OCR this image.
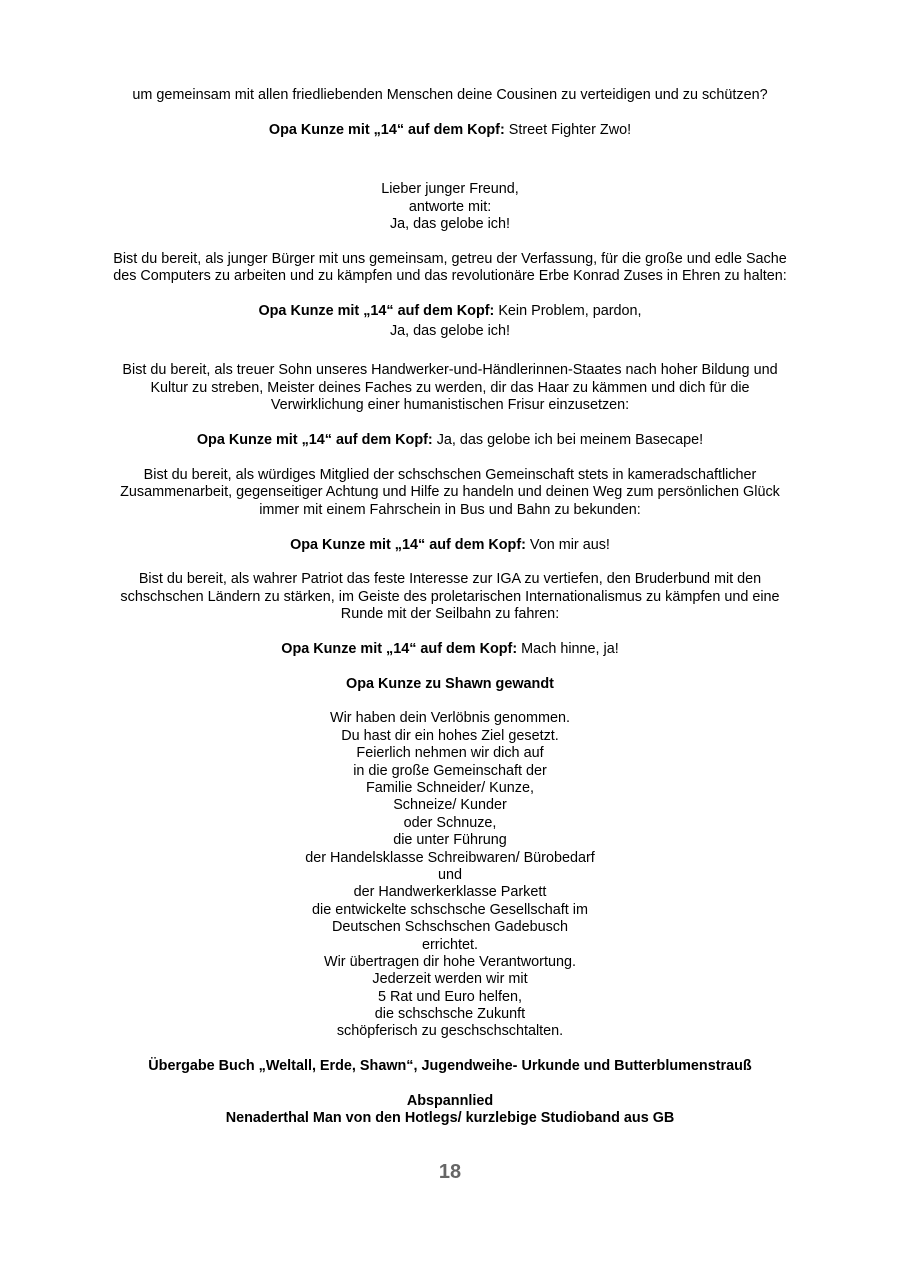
um gemeinsam mit allen friedliebenden Menschen deine Cousinen zu verteidigen und zu schützen?
Opa Kunze mit „14“ auf dem Kopf: Street Fighter Zwo!
Lieber junger Freund,
antworte mit:
Ja, das gelobe ich!
Bist du bereit, als junger Bürger mit uns gemeinsam, getreu der Verfassung, für die große und edle Sache
des Computers zu arbeiten und zu kämpfen und das revolutionäre Erbe Konrad Zuses in Ehren zu halten:
Opa Kunze mit „14“ auf dem Kopf: Kein Problem, pardon,
Ja, das gelobe ich!
Bist du bereit, als treuer Sohn unseres Handwerker-und-Händlerinnen-Staates nach hoher Bildung und
Kultur zu streben, Meister deines Faches zu werden, dir das Haar zu kämmen und dich für die
Verwirklichung einer humanistischen Frisur einzusetzen:
Opa Kunze mit „14“ auf dem Kopf: Ja, das gelobe ich bei meinem Basecape!
Bist du bereit, als würdiges Mitglied der schschschen Gemeinschaft stets in kameradschaftlicher
Zusammenarbeit, gegenseitiger Achtung und Hilfe zu handeln und deinen Weg zum persönlichen Glück
immer mit einem Fahrschein in Bus und Bahn zu bekunden:
Opa Kunze mit „14“ auf dem Kopf: Von mir aus!
Bist du bereit, als wahrer Patriot das feste Interesse zur IGA zu vertiefen, den Bruderbund mit den
schschschen Ländern zu stärken, im Geiste des proletarischen Internationalismus zu kämpfen und eine
Runde mit der Seilbahn zu fahren:
Opa Kunze mit „14“ auf dem Kopf: Mach hinne, ja!
Opa Kunze zu Shawn gewandt
Wir haben dein Verlöbnis genommen.
Du hast dir ein hohes Ziel gesetzt.
Feierlich nehmen wir dich auf
in die große Gemeinschaft der
Familie Schneider/ Kunze,
Schneize/ Kunder
oder Schnuze,
die unter Führung
der Handelsklasse Schreibwaren/ Bürobedarf
und
der Handwerkerklasse Parkett
die entwickelte schschsche Gesellschaft im
Deutschen Schschschen Gadebusch
errichtet.
Wir übertragen dir hohe Verantwortung.
Jederzeit werden wir mit
5 Rat und Euro helfen,
die schschsche Zukunft
schöpferisch zu geschschschtalten.
Übergabe Buch „Weltall, Erde, Shawn“, Jugendweihe- Urkunde und Butterblumenstrauß
Abspannlied
Nenaderthal Man von den Hotlegs/ kurzlebige Studioband aus GB
18
